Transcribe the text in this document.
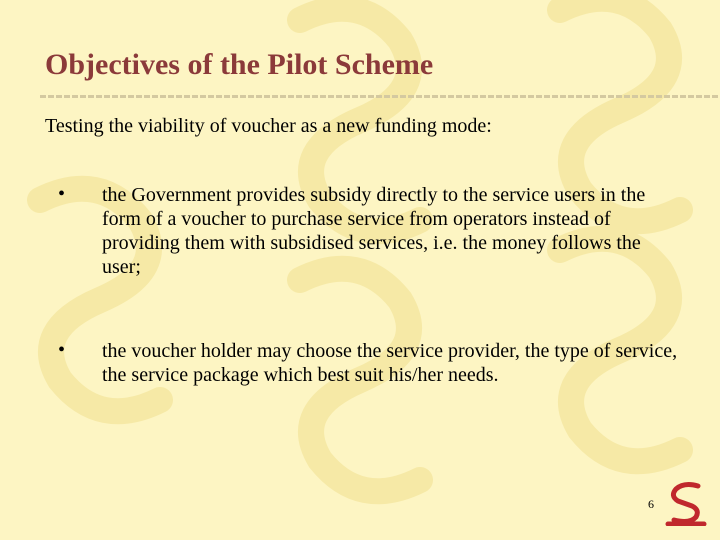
Objectives of the Pilot Scheme
Testing the viability of voucher as a new funding mode:
• the Government provides subsidy directly to the service users in the form of a voucher to purchase service from operators instead of providing them with subsidised services, i.e. the money follows the user;
• the voucher holder may choose the service provider, the type of service, the service package which best suit his/her needs.
6
